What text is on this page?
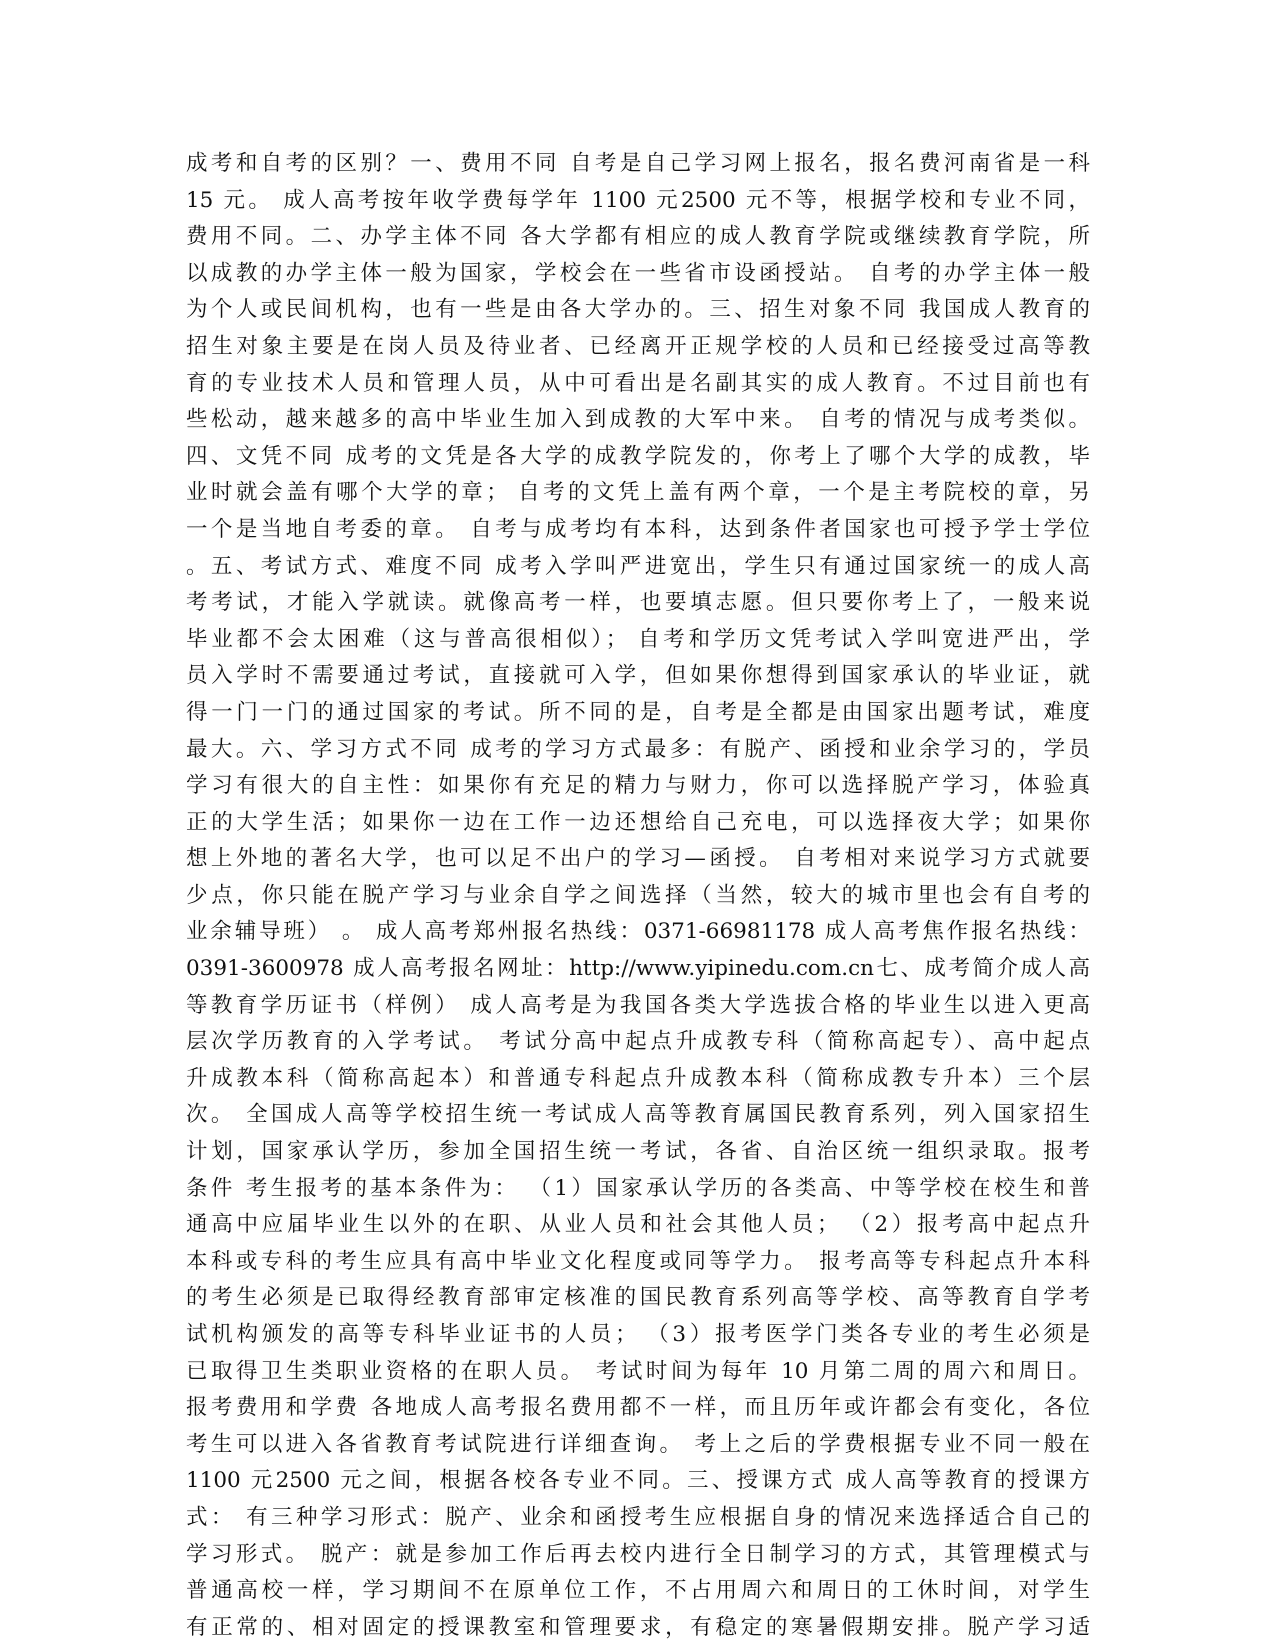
成考和自考的区别？一、费用不同 自考是自己学习网上报名，报名费河南省是一科
15 元。 成人高考按年收学费每学年 1100 元2500 元不等，根据学校和专业不同，
费用不同。二、办学主体不同 各大学都有相应的成人教育学院或继续教育学院，所
以成教的办学主体一般为国家，学校会在一些省市设函授站。 自考的办学主体一般
为个人或民间机构，也有一些是由各大学办的。三、招生对象不同 我国成人教育的
招生对象主要是在岗人员及待业者、已经离开正规学校的人员和已经接受过高等教
育的专业技术人员和管理人员，从中可看出是名副其实的成人教育。不过目前也有
些松动，越来越多的高中毕业生加入到成教的大军中来。 自考的情况与成考类似。
四、文凭不同 成考的文凭是各大学的成教学院发的，你考上了哪个大学的成教，毕
业时就会盖有哪个大学的章； 自考的文凭上盖有两个章，一个是主考院校的章，另
一个是当地自考委的章。 自考与成考均有本科，达到条件者国家也可授予学士学位
。五、考试方式、难度不同 成考入学叫严进宽出，学生只有通过国家统一的成人高
考考试，才能入学就读。就像高考一样，也要填志愿。但只要你考上了，一般来说
毕业都不会太困难（这与普高很相似）； 自考和学历文凭考试入学叫宽进严出，学
员入学时不需要通过考试，直接就可入学，但如果你想得到国家承认的毕业证，就
得一门一门的通过国家的考试。所不同的是，自考是全都是由国家出题考试，难度
最大。六、学习方式不同 成考的学习方式最多：有脱产、函授和业余学习的，学员
学习有很大的自主性：如果你有充足的精力与财力，你可以选择脱产学习，体验真
正的大学生活；如果你一边在工作一边还想给自己充电，可以选择夜大学；如果你
想上外地的著名大学，也可以足不出户的学习—函授。 自考相对来说学习方式就要
少点，你只能在脱产学习与业余自学之间选择（当然，较大的城市里也会有自考的
业余辅导班） 。 成人高考郑州报名热线：0371-66981178 成人高考焦作报名热线：
0391-3600978 成人高考报名网址：http://www.yipinedu.com.cn七、成考简介成人高
等教育学历证书（样例） 成人高考是为我国各类大学选拔合格的毕业生以进入更高
层次学历教育的入学考试。 考试分高中起点升成教专科（简称高起专）、高中起点
升成教本科（简称高起本）和普通专科起点升成教本科（简称成教专升本）三个层
次。 全国成人高等学校招生统一考试成人高等教育属国民教育系列，列入国家招生
计划，国家承认学历，参加全国招生统一考试，各省、自治区统一组织录取。报考
条件 考生报考的基本条件为： （1）国家承认学历的各类高、中等学校在校生和普
通高中应届毕业生以外的在职、从业人员和社会其他人员； （2）报考高中起点升
本科或专科的考生应具有高中毕业文化程度或同等学力。 报考高等专科起点升本科
的考生必须是已取得经教育部审定核准的国民教育系列高等学校、高等教育自学考
试机构颁发的高等专科毕业证书的人员； （3）报考医学门类各专业的考生必须是
已取得卫生类职业资格的在职人员。 考试时间为每年 10 月第二周的周六和周日。
报考费用和学费 各地成人高考报名费用都不一样，而且历年或许都会有变化，各位
考生可以进入各省教育考试院进行详细查询。 考上之后的学费根据专业不同一般在
1100 元2500 元之间，根据各校各专业不同。三、授课方式 成人高等教育的授课方
式： 有三种学习形式：脱产、业余和函授考生应根据自身的情况来选择适合自己的
学习形式。 脱产：就是参加工作后再去校内进行全日制学习的方式，其管理模式与
普通高校一样，学习期间不在原单位工作，不占用周六和周日的工休时间，对学生
有正常的、相对固定的授课教室和管理要求，有稳定的寒暑假期安排。脱产学习适
